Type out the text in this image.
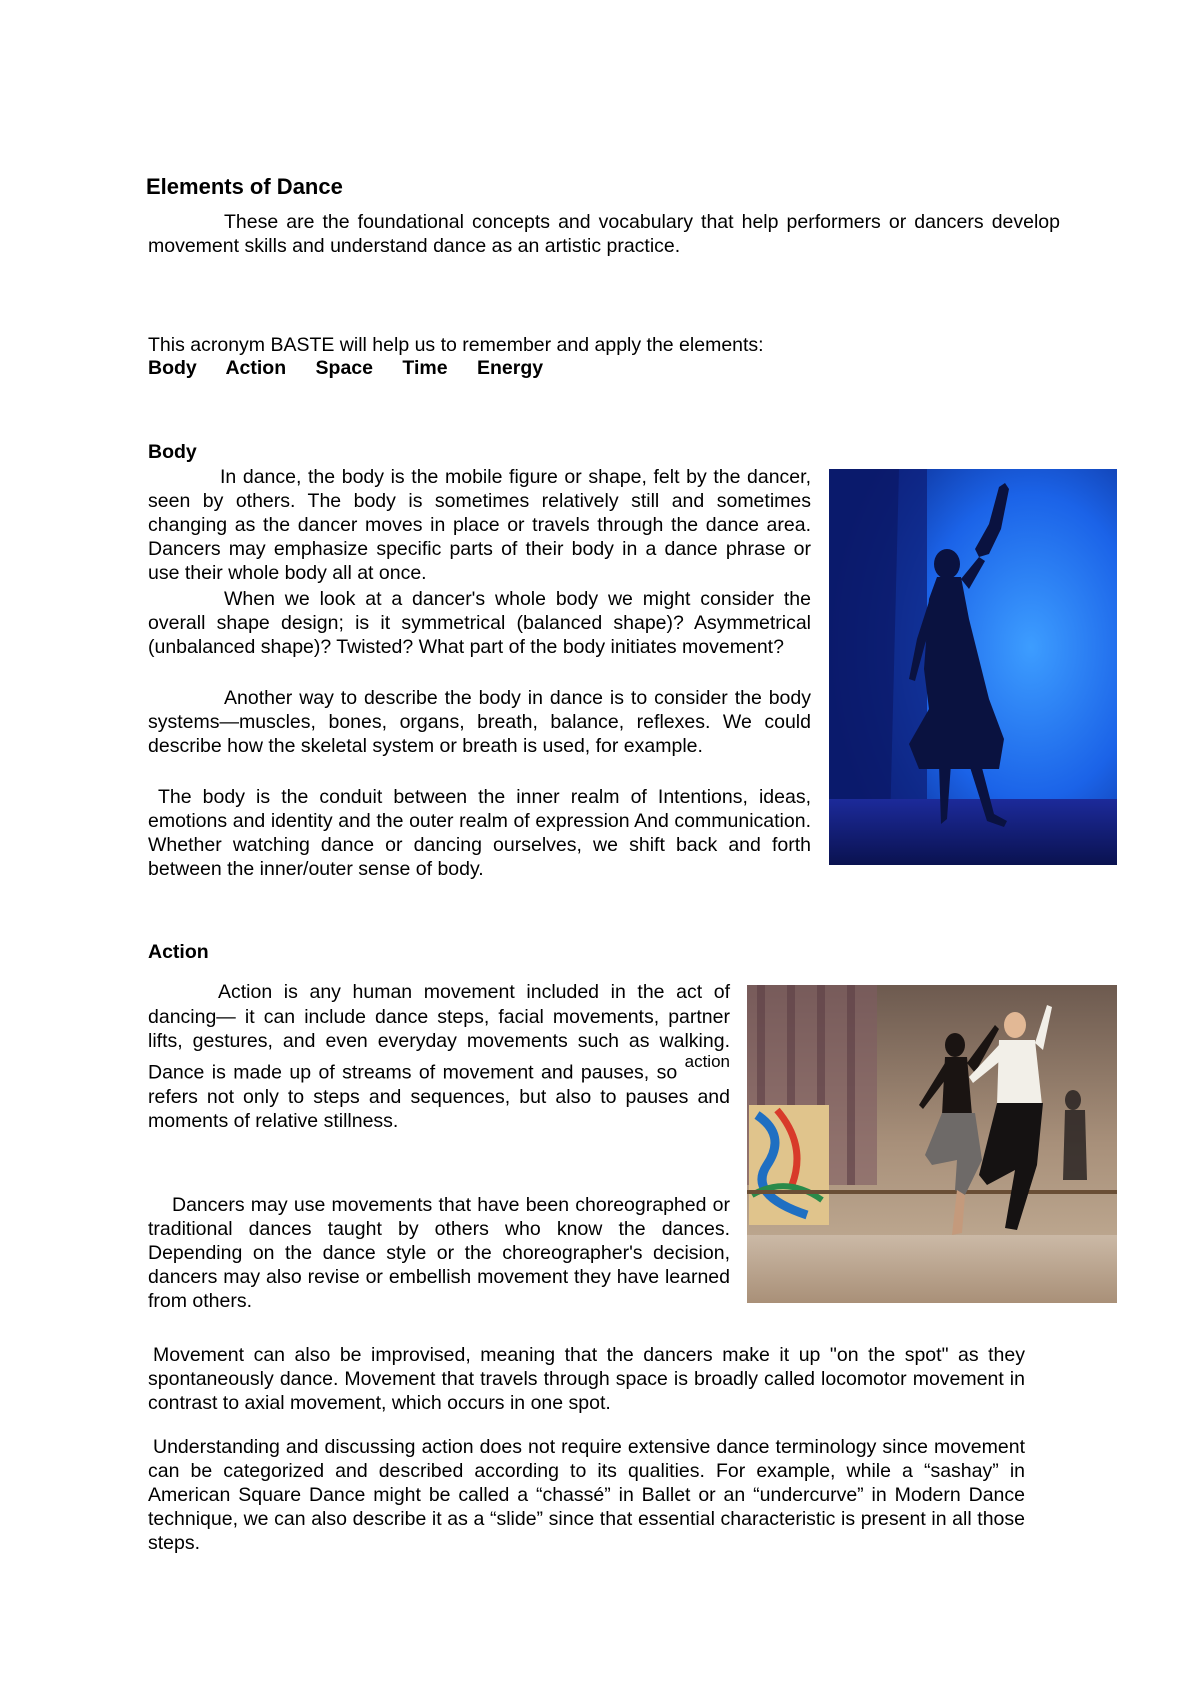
Elements of Dance

These are the foundational concepts and vocabulary that help performers or dancers develop movement skills and understand dance as an artistic practice.

This acronym BASTE will help us to remember and apply the elements:

Body Action Space Time Energy
Body

In dance, the body is the mobile figure or shape, felt by the dancer, seen by others. The body is sometimes relatively still and sometimes changing as the dancer moves in place or travels through the dance area. Dancers may emphasize specific parts of their body in a dance phrase or use their whole body all at once.

When we look at a dancer's whole body we might consider the overall shape design; is it symmetrical (balanced shape)? Asymmetrical (unbalanced shape)? Twisted? What part of the body initiates movement?

Another way to describe the body in dance is to consider the body systems—muscles, bones, organs, breath, balance, reflexes. We could describe how the skeletal system or breath is used, for example.

The body is the conduit between the inner realm of Intentions, ideas, emotions and identity and the outer realm of expression And communication. Whether watching dance or dancing ourselves, we shift back and forth between the inner/outer sense of body.

Action

Action is any human movement included in the act of dancing— it can include dance steps, facial movements, partner lifts, gestures, and even everyday movements such as walking. Dance is made up of streams of movement and pauses, so $^{action}$ refers not only to steps and sequences, but also to pauses and moments of relative stillness.

Dancers may use movements that have been choreographed or traditional dances taught by others who know the dances. Depending on the dance style or the choreographer's decision, dancers may also revise or embellish movement they have learned from others.

Movement can also be improvised, meaning that the dancers make it up "on the spot" as they spontaneously dance. Movement that travels through space is broadly called locomotor movement in contrast to axial movement, which occurs in one spot.

Understanding and discussing action does not require extensive dance terminology since movement can be categorized and described according to its qualities. For example, while a “sashay” in American Square Dance might be called a “chassé” in Ballet or an “undercurve” in Modern Dance technique, we can also describe it as a “slide” since that essential characteristic is present in all those steps.
